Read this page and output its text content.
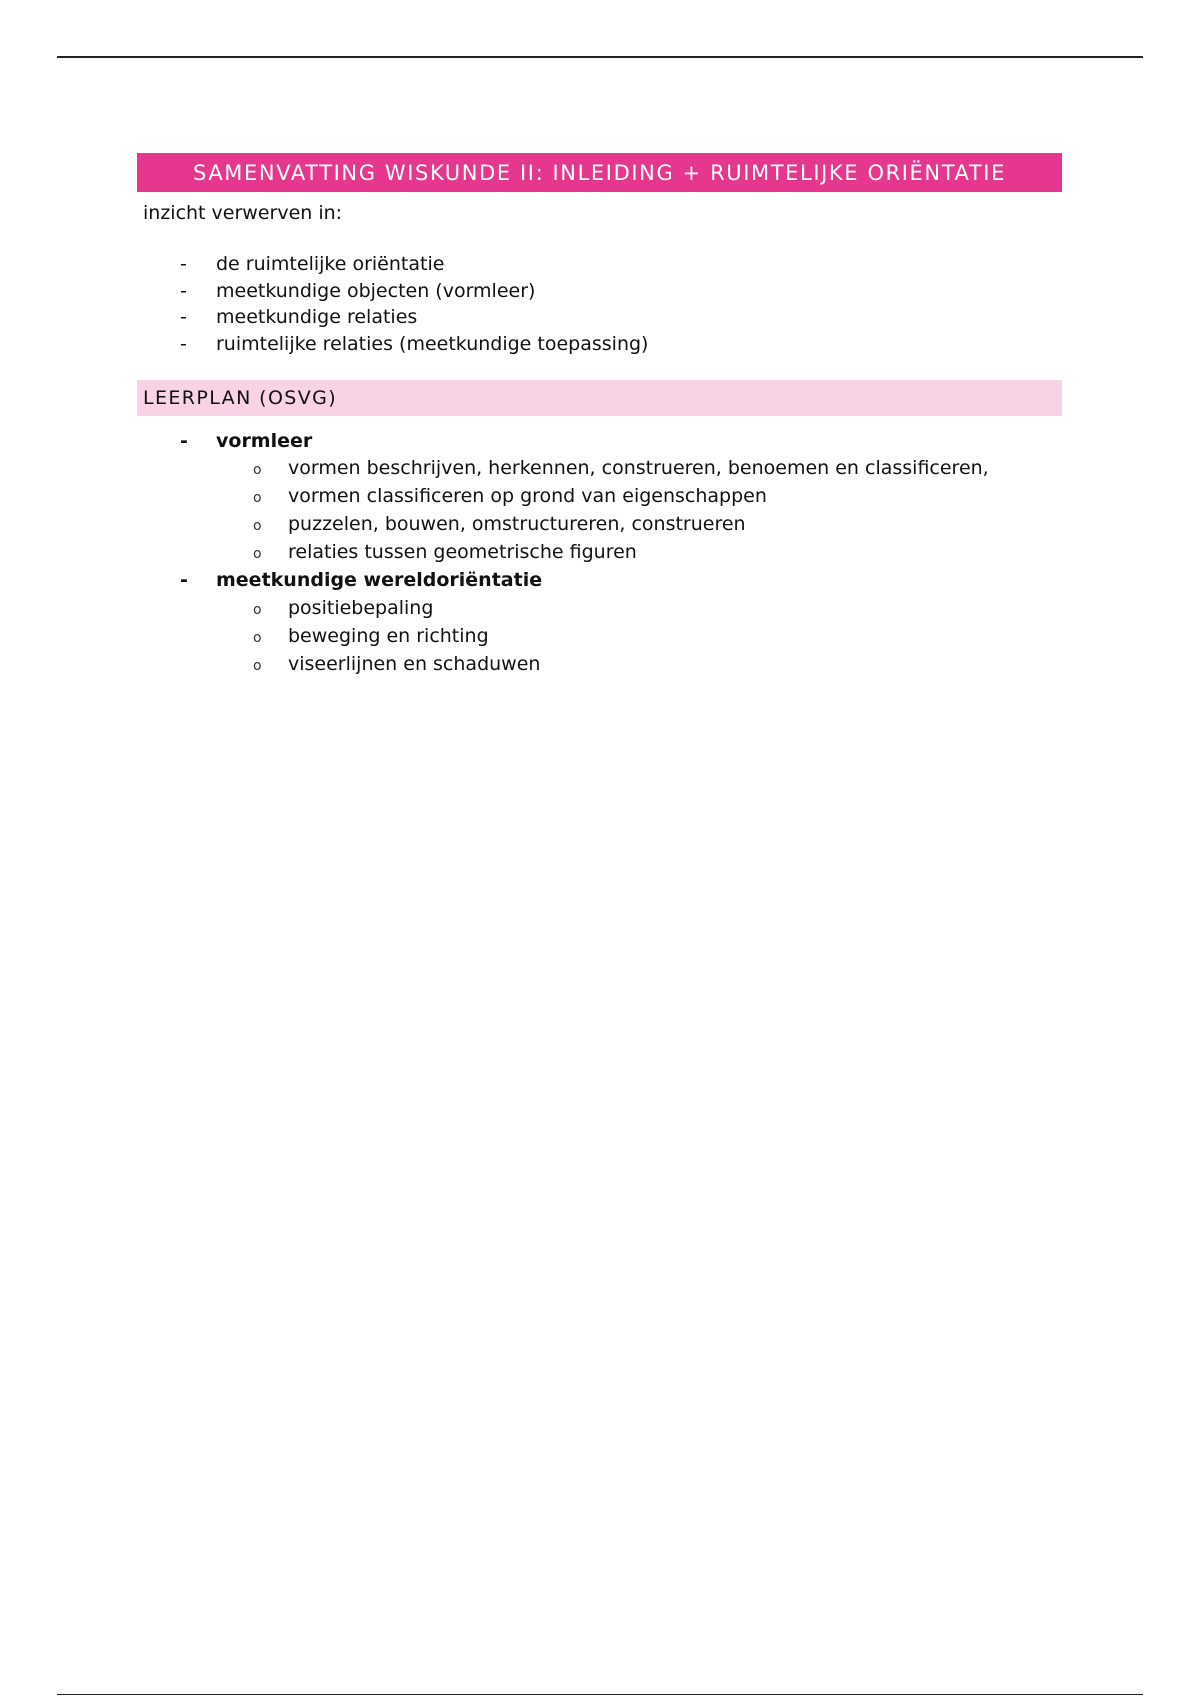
SAMENVATTING WISKUNDE II: INLEIDING + RUIMTELIJKE ORIËNTATIE
inzicht verwerven in:
- de ruimtelijke oriëntatie
- meetkundige objecten (vormleer)
- meetkundige relaties
- ruimtelijke relaties (meetkundige toepassing)
LEERPLAN (OSVG)
- vormleer
o vormen beschrijven, herkennen, construeren, benoemen en classificeren,
o vormen classificeren op grond van eigenschappen
o puzzelen, bouwen, omstructureren, construeren
o relaties tussen geometrische figuren
- meetkundige wereldoriëntatie
o positiebepaling
o beweging en richting
o viseerlijnen en schaduwen
